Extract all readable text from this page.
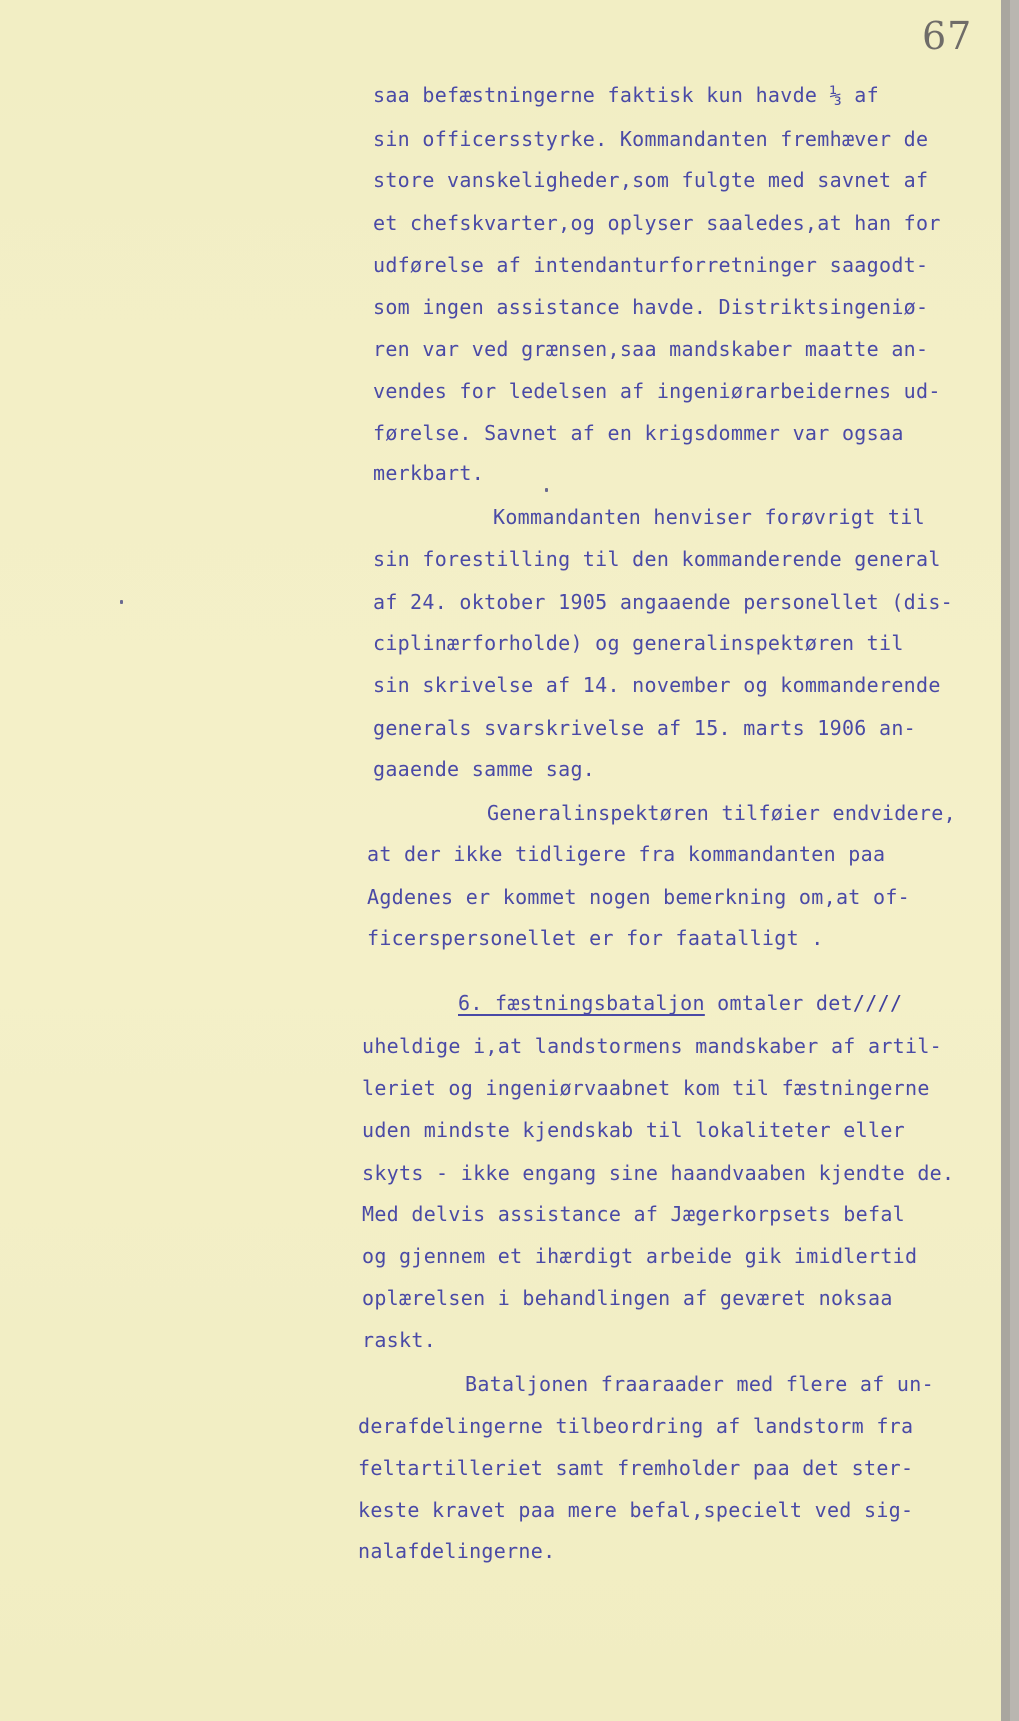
67
saa befæstningerne faktisk kun havde ⅓ af
sin officersstyrke. Kommandanten fremhæver de
store vanskeligheder,som fulgte med savnet af
et chefskvarter,og oplyser saaledes,at han for
udførelse af intendanturforretninger saagodt-
som ingen assistance havde. Distriktsingeniø-
ren var ved grænsen,saa mandskaber maatte an-
vendes for ledelsen af ingeniørarbeidernes ud-
førelse. Savnet af en krigsdommer var ogsaa
merkbart.
Kommandanten henviser forøvrigt til
sin forestilling til den kommanderende general
af 24. oktober 1905 angaaende personellet (dis-
ciplinærforholde) og generalinspektøren til
sin skrivelse af 14. november og kommanderende
generals svarskrivelse af 15. marts 1906 an-
gaaende samme sag.
Generalinspektøren tilføier endvidere,
at der ikke tidligere fra kommandanten paa
Agdenes er kommet nogen bemerkning om,at of-
ficerspersonellet er for faatalligt .
6. fæstningsbataljon omtaler det////
uheldige i,at landstormens mandskaber af artil-
leriet og ingeniørvaabnet kom til fæstningerne
uden mindste kjendskab til lokaliteter eller
skyts - ikke engang sine haandvaaben kjendte de.
Med delvis assistance af Jægerkorpsets befal
og gjennem et ihærdigt arbeide gik imidlertid
oplærelsen i behandlingen af geværet noksaa
raskt.
Bataljonen fraaraader med flere af un-
derafdelingerne tilbeordring af landstorm fra
feltartilleriet samt fremholder paa det ster-
keste kravet paa mere befal,specielt ved sig-
nalafdelingerne.
